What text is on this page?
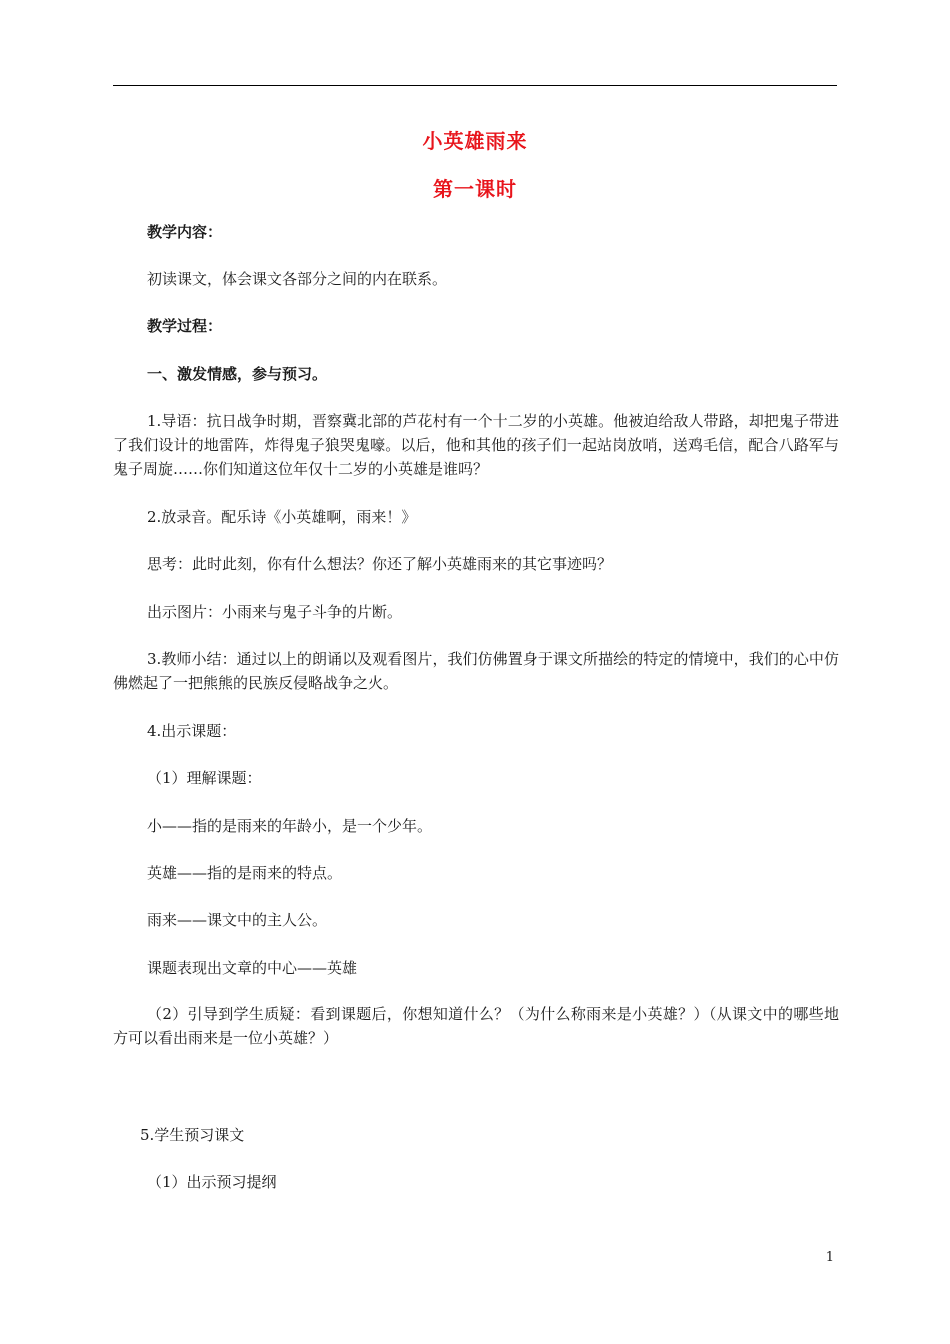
小英雄雨来
第一课时
教学内容：
初读课文，体会课文各部分之间的内在联系。
教学过程：
一、激发情感，参与预习。
1.导语：抗日战争时期，晋察冀北部的芦花村有一个十二岁的小英雄。他被迫给敌人带路，却把鬼子带进了我们设计的地雷阵，炸得鬼子狼哭鬼嚎。以后，他和其他的孩子们一起站岗放哨，送鸡毛信，配合八路军与鬼子周旋……你们知道这位年仅十二岁的小英雄是谁吗？
2.放录音。配乐诗《小英雄啊，雨来！》
思考：此时此刻，你有什么想法？你还了解小英雄雨来的其它事迹吗？
出示图片：小雨来与鬼子斗争的片断。
3.教师小结：通过以上的朗诵以及观看图片，我们仿佛置身于课文所描绘的特定的情境中，我们的心中仿佛燃起了一把熊熊的民族反侵略战争之火。
4.出示课题：
（1）理解课题：
小——指的是雨来的年龄小，是一个少年。
英雄——指的是雨来的特点。
雨来——课文中的主人公。
课题表现出文章的中心——英雄
（2）引导到学生质疑：看到课题后，你想知道什么？（为什么称雨来是小英雄？）（从课文中的哪些地方可以看出雨来是一位小英雄？）
5.学生预习课文
（1）出示预习提纲
1
